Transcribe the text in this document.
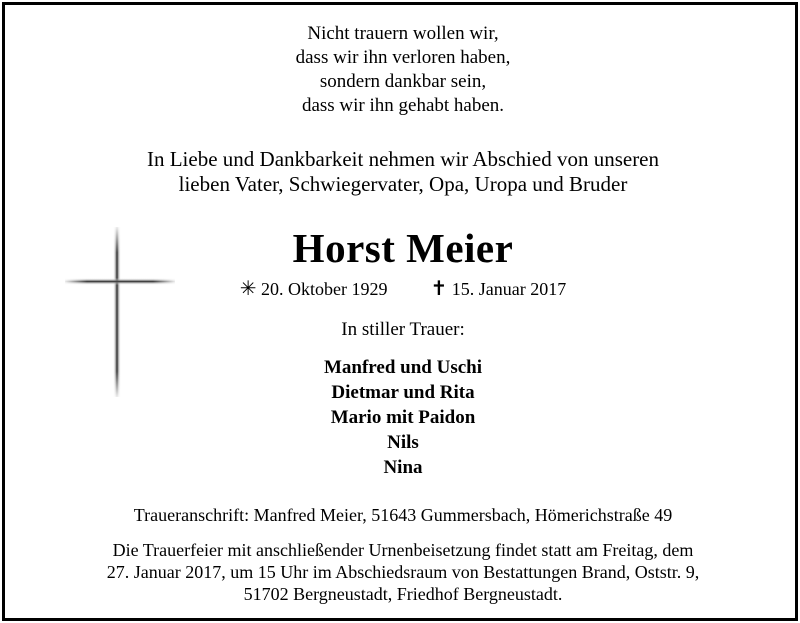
Nicht trauern wollen wir,
dass wir ihn verloren haben,
sondern dankbar sein,
dass wir ihn gehabt haben.
In Liebe und Dankbarkeit nehmen wir Abschied von unseren
lieben Vater, Schwiegervater, Opa, Uropa und Bruder
Horst Meier
✳ 20. Oktober 1929 ✝ 15. Januar 2017
In stiller Trauer:
Manfred und Uschi
Dietmar und Rita
Mario mit Paidon
Nils
Nina
Traueranschrift: Manfred Meier, 51643 Gummersbach, Hömerichstraße 49
Die Trauerfeier mit anschließender Urnenbeisetzung findet statt am Freitag, dem
27. Januar 2017, um 15 Uhr im Abschiedsraum von Bestattungen Brand, Oststr. 9,
51702 Bergneustadt, Friedhof Bergneustadt.
